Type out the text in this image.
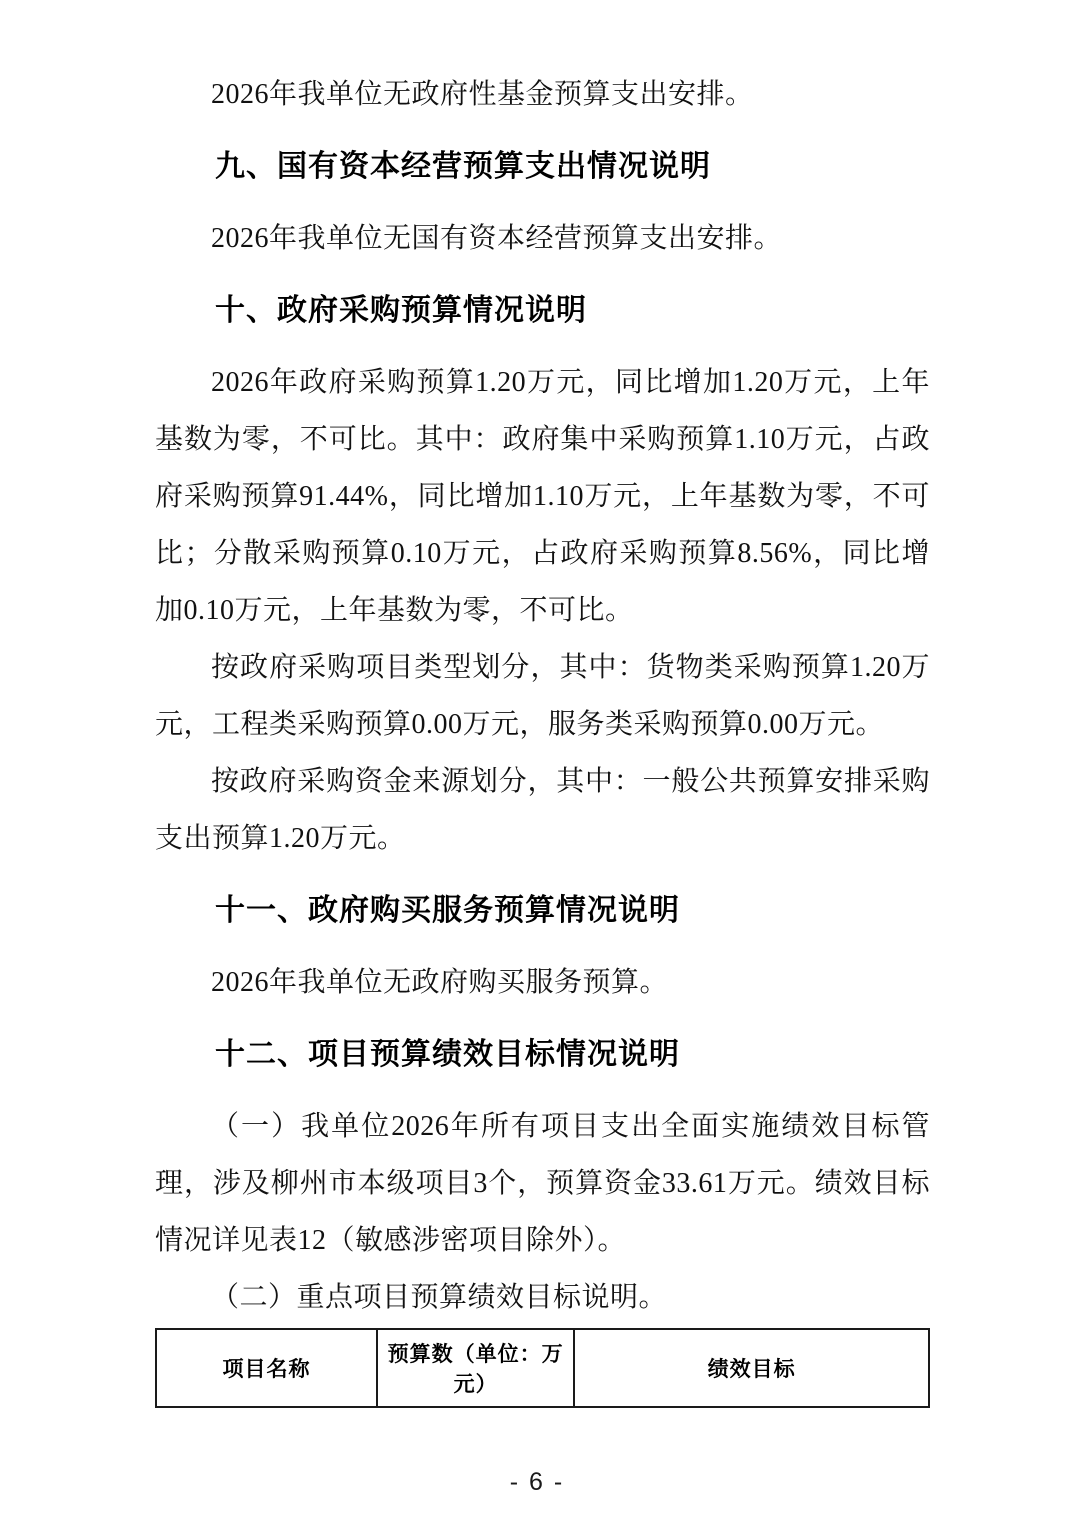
2026年我单位无政府性基金预算支出安排。

九、国有资本经营预算支出情况说明

2026年我单位无国有资本经营预算支出安排。

十、政府采购预算情况说明

2026年政府采购预算1.20万元，同比增加1.20万元，上年基数为零，不可比。其中：政府集中采购预算1.10万元，占政府采购预算91.44%，同比增加1.10万元，上年基数为零，不可比；分散采购预算0.10万元，占政府采购预算8.56%，同比增加0.10万元，上年基数为零，不可比。

按政府采购项目类型划分，其中：货物类采购预算1.20万元，工程类采购预算0.00万元，服务类采购预算0.00万元。

按政府采购资金来源划分，其中：一般公共预算安排采购支出预算1.20万元。

十一、政府购买服务预算情况说明

2026年我单位无政府购买服务预算。

十二、项目预算绩效目标情况说明

（一）我单位2026年所有项目支出全面实施绩效目标管理，涉及柳州市本级项目3个，预算资金33.61万元。绩效目标情况详见表12（敏感涉密项目除外）。

（二）重点项目预算绩效目标说明。

项目名称	预算数（单位：万元）	绩效目标
- 6 -
